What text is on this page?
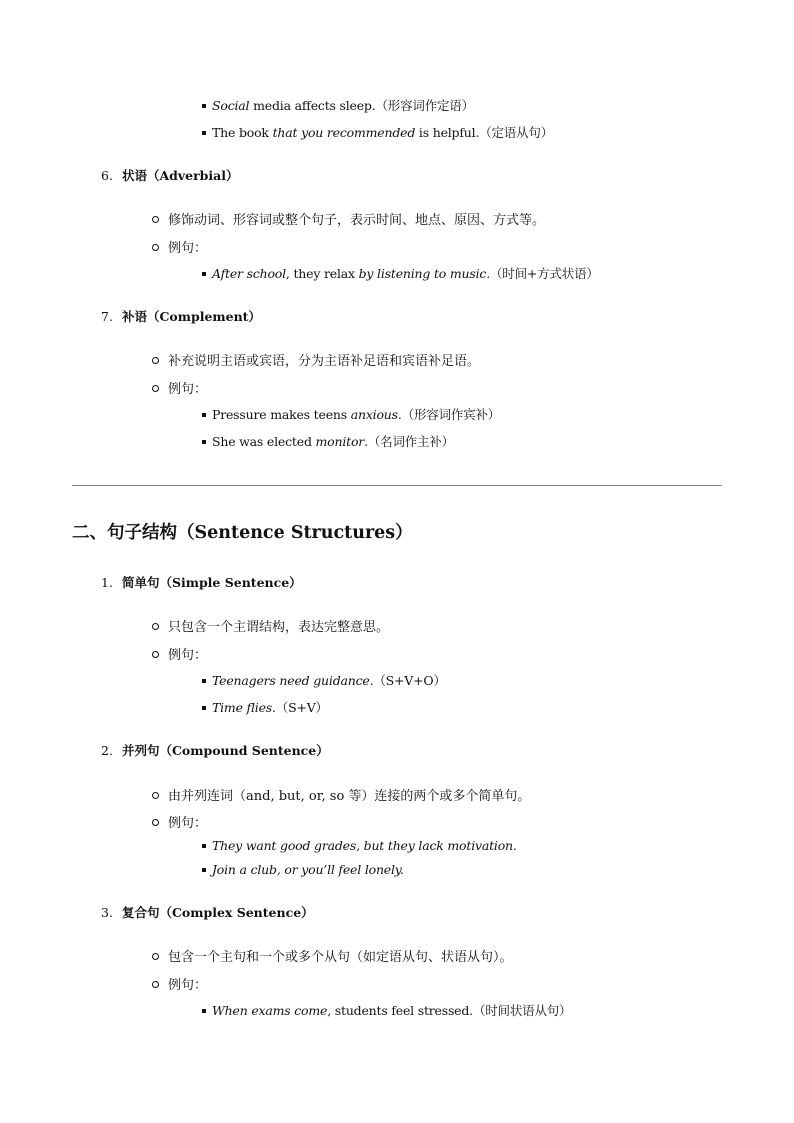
Social media affects sleep.（形容词作定语）
The book that you recommended is helpful.（定语从句）
6. 状语（Adverbial）
修饰动词、形容词或整个句子，表示时间、地点、原因、方式等。
例句：
After school, they relax by listening to music.（时间+方式状语）
7. 补语（Complement）
补充说明主语或宾语，分为主语补足语和宾语补足语。
例句：
Pressure makes teens anxious.（形容词作宾补）
She was elected monitor.（名词作主补）
二、句子结构（Sentence Structures）
1. 简单句（Simple Sentence）
只包含一个主谓结构，表达完整意思。
例句：
Teenagers need guidance.（S+V+O）
Time flies.（S+V）
2. 并列句（Compound Sentence）
由并列连词（and, but, or, so 等）连接的两个或多个简单句。
例句：
They want good grades, but they lack motivation.
Join a club, or you’ll feel lonely.
3. 复合句（Complex Sentence）
包含一个主句和一个或多个从句（如定语从句、状语从句）。
例句：
When exams come, students feel stressed.（时间状语从句）
